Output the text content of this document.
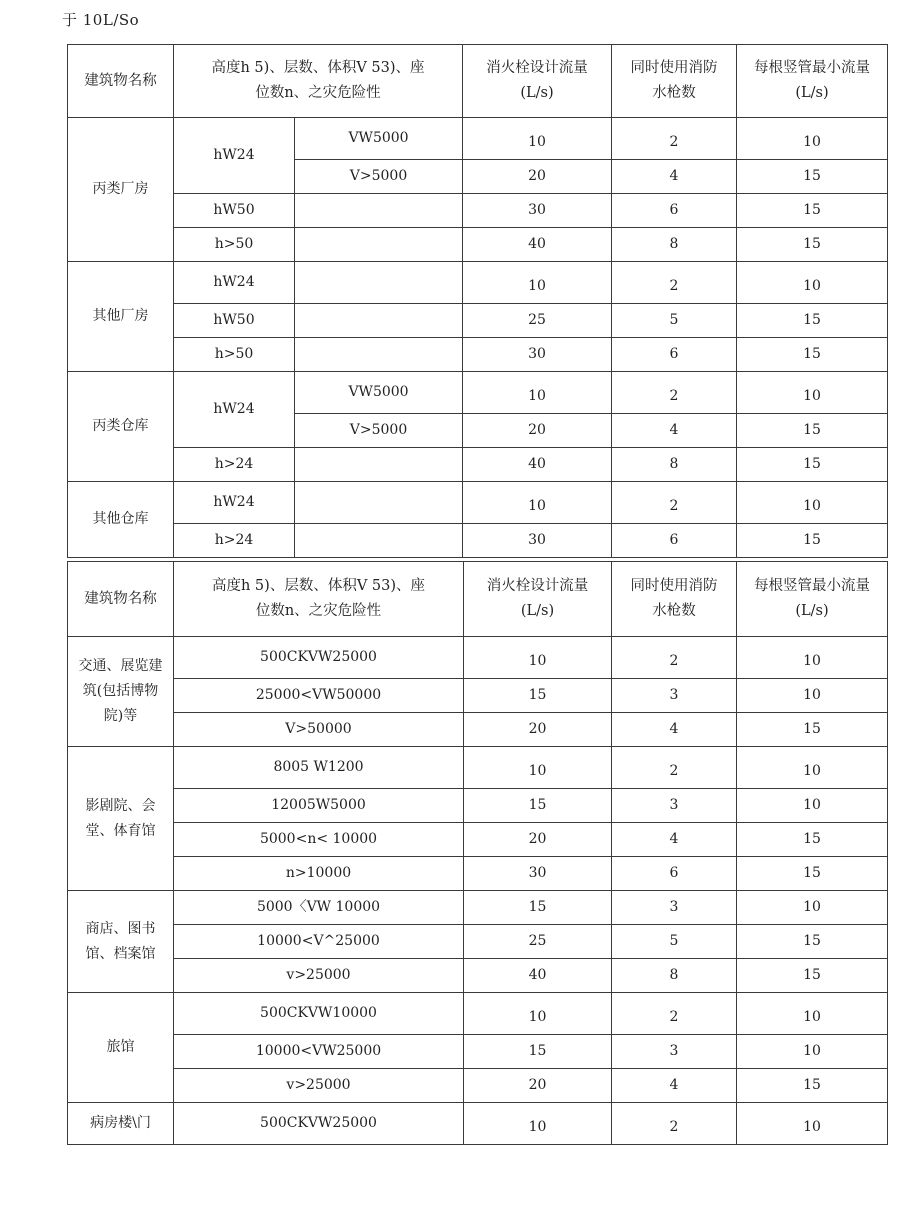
于 10L/So
建筑物名称	高度h 5)、层数、体积V 53)、座位数n、之灾危险性		消火栓设计流量 (L/s)	同时使用消防水枪数	每根竖管最小流量 (L/s)
丙类厂房	hW24	VW5000	10	2	10
		V>5000	20	4	15
	hW50		30	6	15
	h>50		40	8	15
其他厂房	hW24		10	2	10
	hW50		25	5	15
	h>50		30	6	15
丙类仓库	hW24	VW5000	10	2	10
		V>5000	20	4	15
	h>24		40	8	15
其他仓库	hW24		10	2	10
	h>24		30	6	15
建筑物名称	高度h 5)、层数、体积V 53)、座位数n、之灾危险性	消火栓设计流量 (L/s)	同时使用消防水枪数	每根竖管最小流量 (L/s)
交通、展览建筑(包括博物院)等	500CKVW25000	10	2	10
	25000<VW50000	15	3	10
	V>50000	20	4	15
影剧院、会堂、体育馆	8005 W1200	10	2	10
	12005W5000	15	3	10
	5000<n< 10000	20	4	15
	n>10000	30	6	15
商店、图书馆、档案馆	5000〈VW 10000	15	3	10
	10000<V^25000	25	5	15
	v>25000	40	8	15
旅馆	500CKVW10000	10	2	10
	10000<VW25000	15	3	10
	v>25000	20	4	15
病房楼\门	500CKVW25000	10	2	10
